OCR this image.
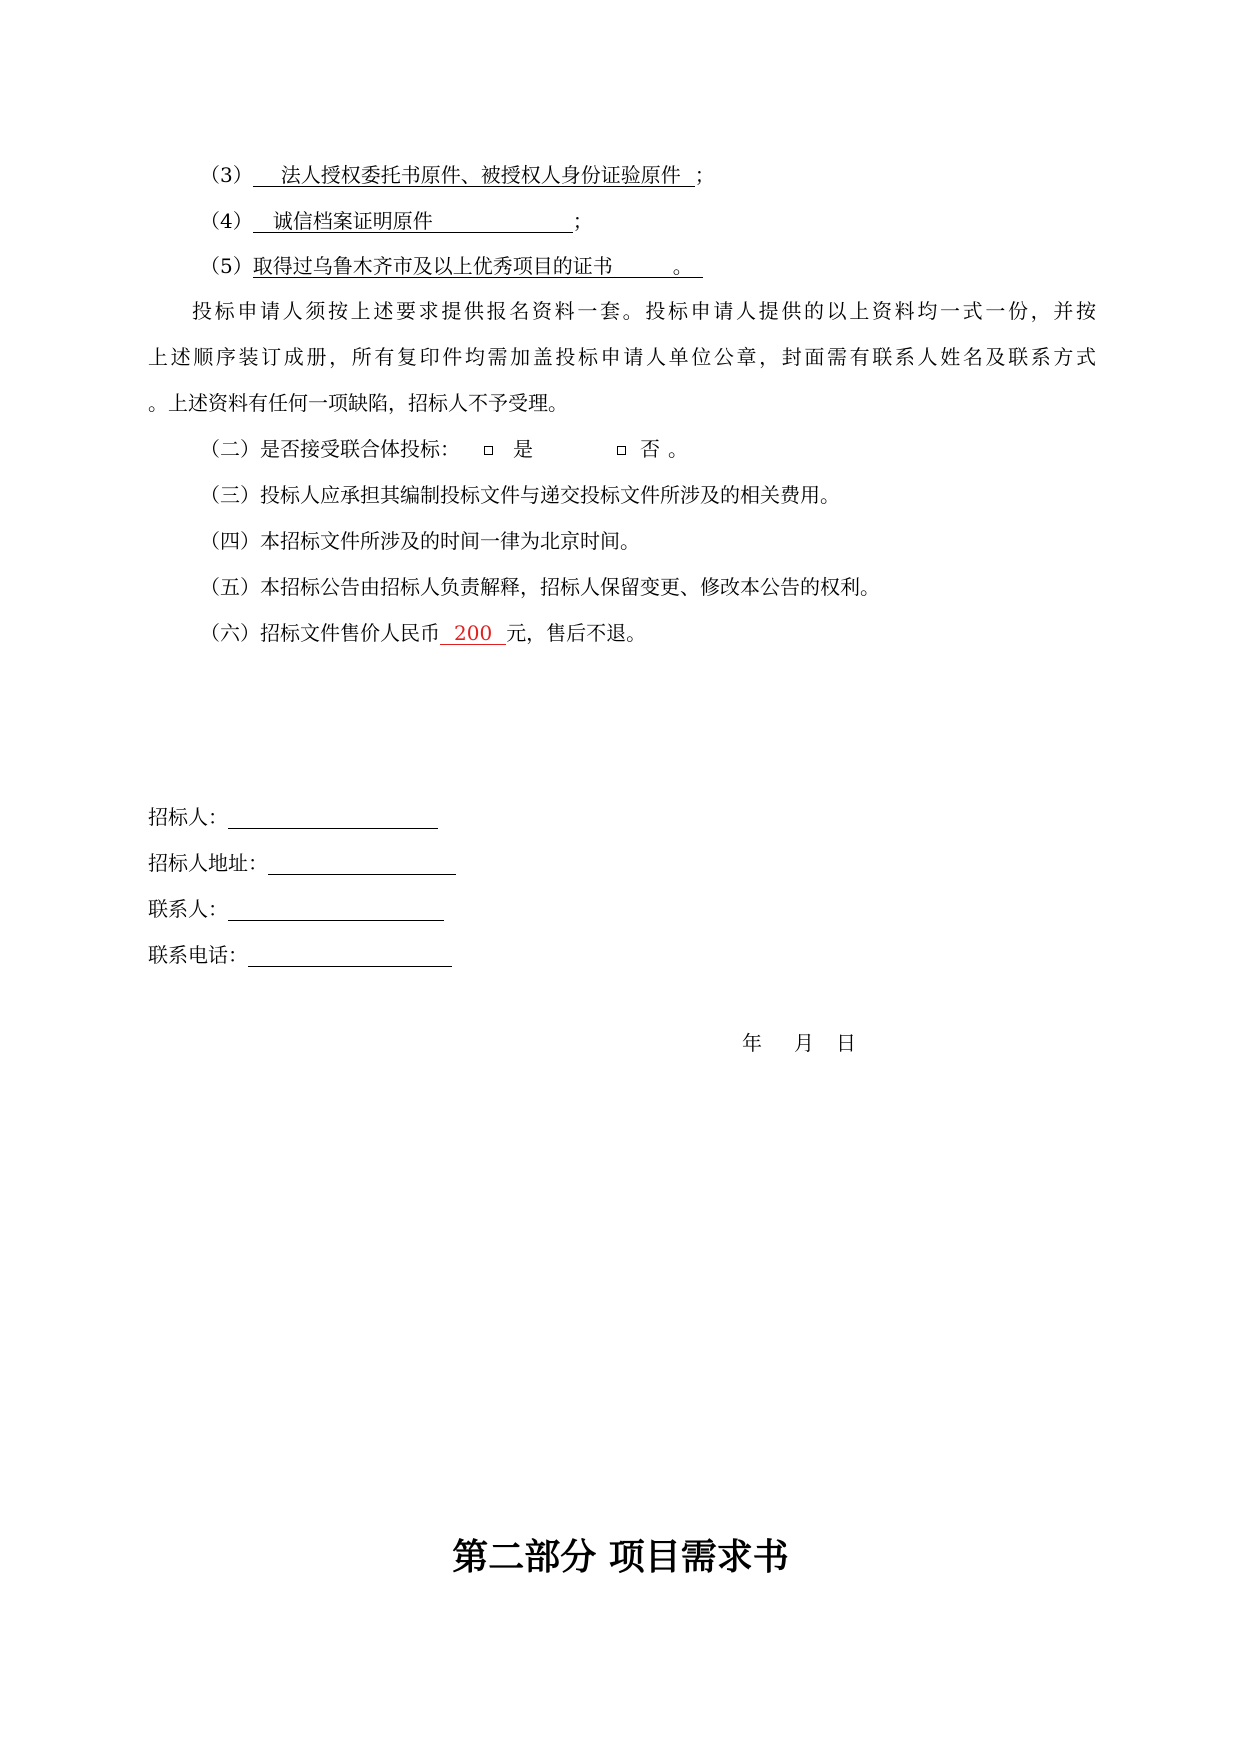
（3） 法人授权委托书原件、被授权人身份证验原件 ；
（4） 诚信档案证明原件	；
（5）取得过乌鲁木齐市及以上优秀项目的证书	。
投标申请人须按上述要求提供报名资料一套。投标申请人提供的以上资料均一式一份，并按
上述顺序装订成册，所有复印件均需加盖投标申请人单位公章，封面需有联系人姓名及联系方式
。上述资料有任何一项缺陷，招标人不予受理。
（二）是否接受联合体投标：	是	否 。
（三）投标人应承担其编制投标文件与递交投标文件所涉及的相关费用。
（四）本招标文件所涉及的时间一律为北京时间。
（五）本招标公告由招标人负责解释，招标人保留变更、修改本公告的权利。
（六）招标文件售价人民币 200 元，售后不退。
招标人：
招标人地址：
联系人：
联系电话：
年 月 日
第二部分 项目需求书
